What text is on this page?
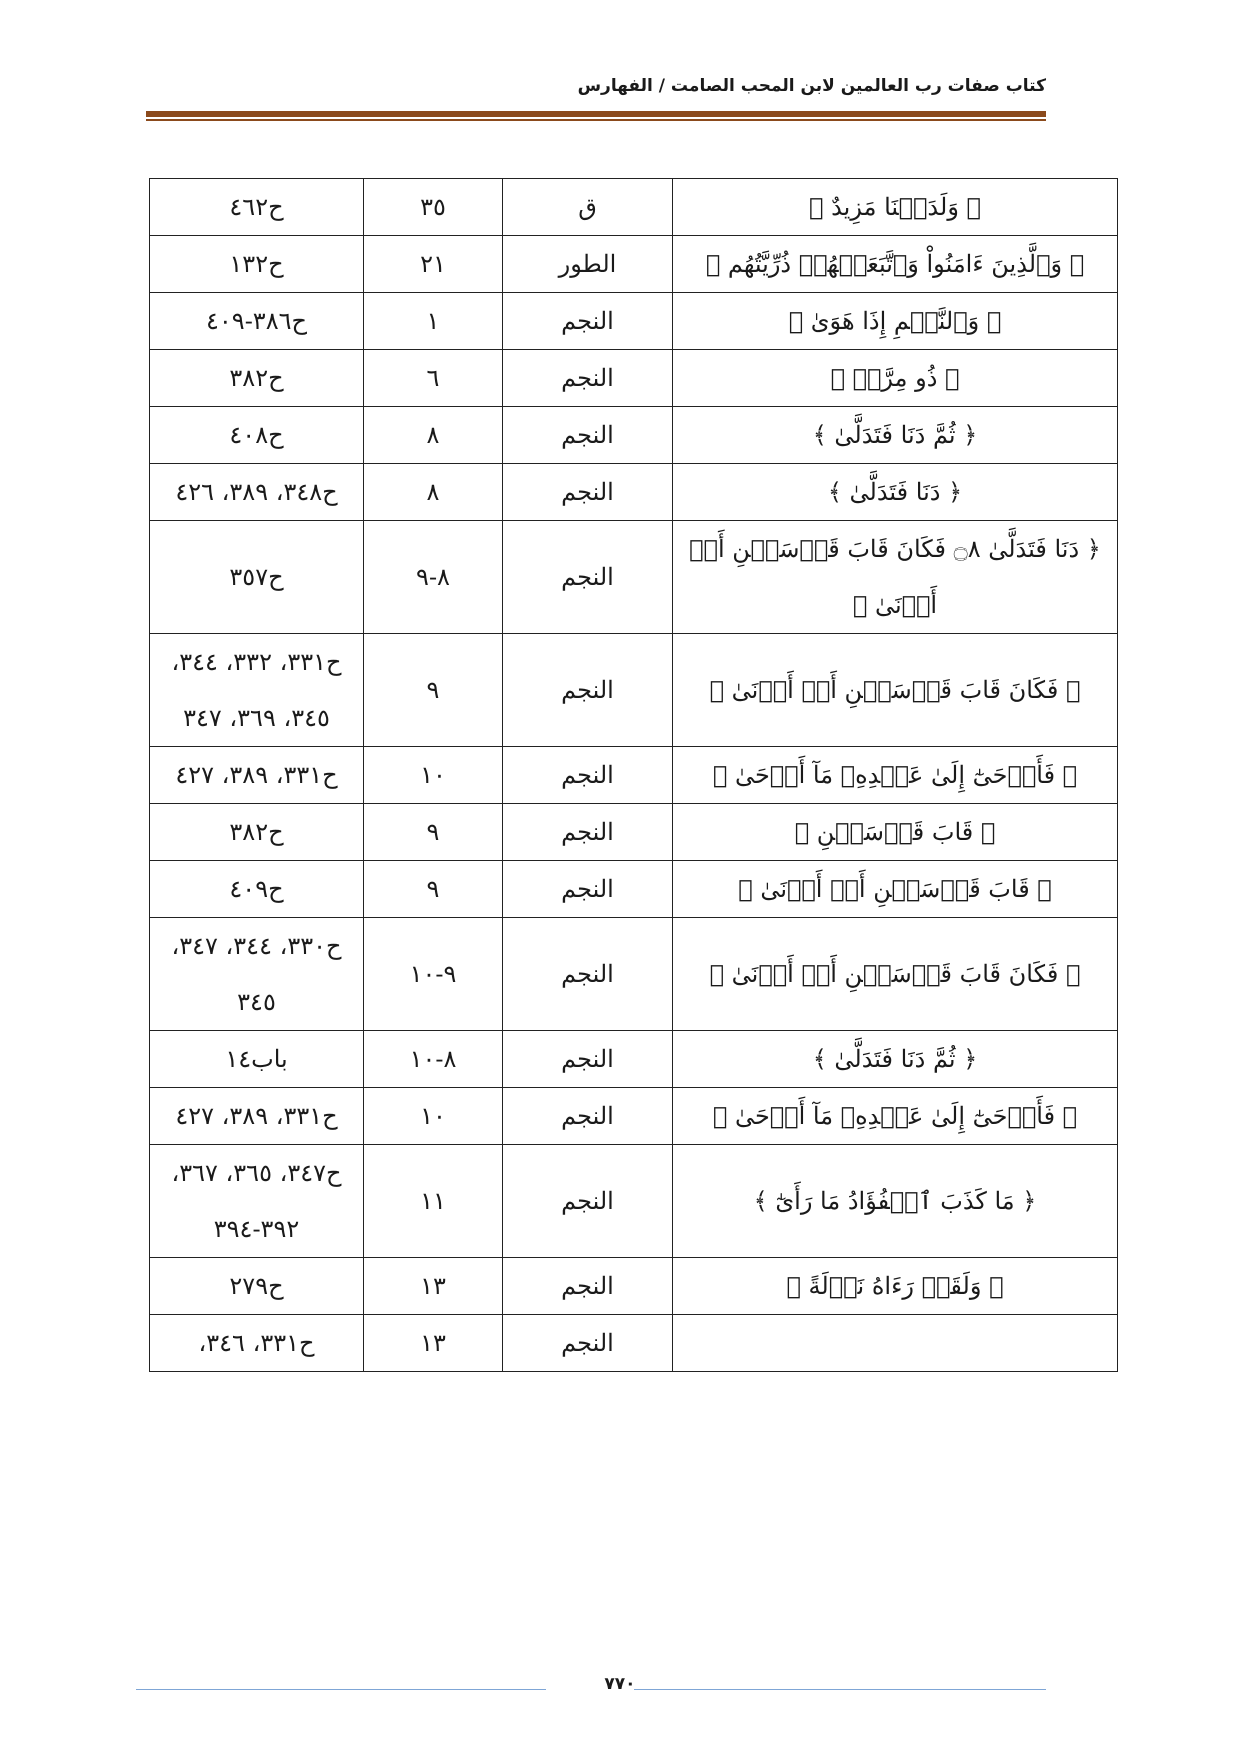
كتاب صفات رب العالمين لابن المحب الصامت / الفهارس
﴿ وَلَدَيۡنَا مَزِيدٌ ﴾	ق	٣٥	ح٤٦٢
﴿ وَٱلَّذِينَ ءَامَنُواْ وَٱتَّبَعَتۡهُمۡ ذُرِّيَّتُهُم ﴾	الطور	٢١	ح١٣٢
﴿ وَٱلنَّجۡمِ إِذَا هَوَىٰ ﴾	النجم	١	ح٣٨٦-٤٠٩
﴿ ذُو مِرَّةٖ ﴾	النجم	٦	ح٣٨٢
﴿ ثُمَّ دَنَا فَتَدَلَّىٰ ﴾	النجم	٨	ح٤٠٨
﴿ دَنَا فَتَدَلَّىٰ ﴾	النجم	٨	ح٣٤٨، ٣٨٩، ٤٢٦
﴿ دَنَا فَتَدَلَّىٰ ۝٨ فَكَانَ قَابَ قَوۡسَيۡنِ أَوۡ أَدۡنَىٰ ﴾	النجم	٨-٩	ح٣٥٧
﴿ فَكَانَ قَابَ قَوۡسَيۡنِ أَوۡ أَدۡنَىٰ ﴾	النجم	٩	ح٣٣١، ٣٣٢، ٣٤٤، ٣٤٥، ٣٦٩، ٣٤٧
﴿ فَأَوۡحَىٰٓ إِلَىٰ عَبۡدِهِۦ مَآ أَوۡحَىٰ ﴾	النجم	١٠	ح٣٣١، ٣٨٩، ٤٢٧
﴿ قَابَ قَوۡسَيۡنِ ﴾	النجم	٩	ح٣٨٢
﴿ قَابَ قَوۡسَيۡنِ أَوۡ أَدۡنَىٰ ﴾	النجم	٩	ح٤٠٩
﴿ فَكَانَ قَابَ قَوۡسَيۡنِ أَوۡ أَدۡنَىٰ ﴾	النجم	٩-١٠	ح٣٣٠، ٣٤٤، ٣٤٧، ٣٤٥
﴿ ثُمَّ دَنَا فَتَدَلَّىٰ ﴾	النجم	٨-١٠	باب١٤
﴿ فَأَوۡحَىٰٓ إِلَىٰ عَبۡدِهِۦ مَآ أَوۡحَىٰ ﴾	النجم	١٠	ح٣٣١، ٣٨٩، ٤٢٧
﴿ مَا كَذَبَ ٱلۡفُؤَادُ مَا رَأَىٰٓ ﴾	النجم	١١	ح٣٤٧، ٣٦٥، ٣٦٧، ٣٩٢-٣٩٤
﴿ وَلَقَدۡ رَءَاهُ نَزۡلَةً ﴾	النجم	١٣	ح٢٧٩
	النجم	١٣	ح٣٣١، ٣٤٦،
٧٧٠
